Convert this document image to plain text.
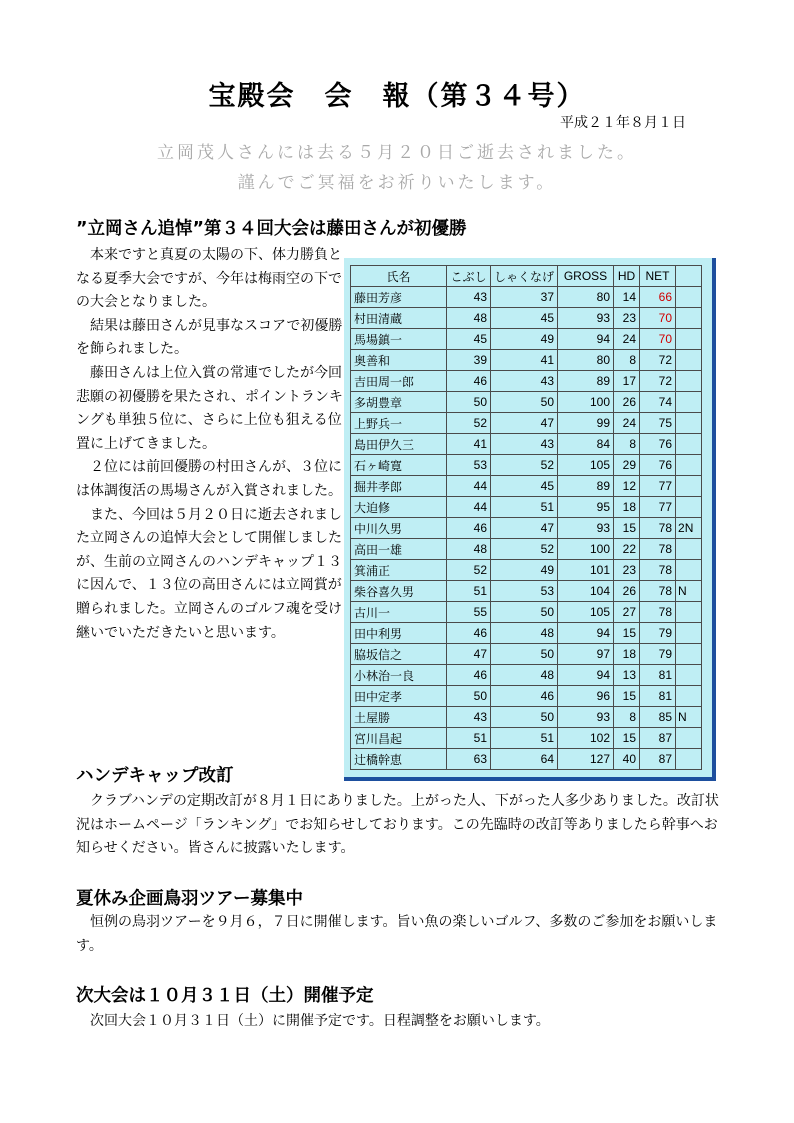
宝殿会　会　報（第３４号）
平成２１年８月１日
立岡茂人さんには去る５月２０日ご逝去されました。
謹んでご冥福をお祈りいたします。
”立岡さん追悼”第３４回大会は藤田さんが初優勝

本来ですと真夏の太陽の下、体力勝負となる夏季大会ですが、今年は梅雨空の下での大会となりました。

結果は藤田さんが見事なスコアで初優勝を飾られました。

藤田さんは上位入賞の常連でしたが今回悲願の初優勝を果たされ、ポイントランキングも単独５位に、さらに上位も狙える位置に上げてきました。

２位には前回優勝の村田さんが、３位には体調復活の馬場さんが入賞されました。

また、今回は５月２０日に逝去されました立岡さんの追悼大会として開催しましたが、生前の立岡さんのハンデキャップ１３に因んで、１３位の高田さんには立岡賞が贈られました。立岡さんのゴルフ魂を受け継いでいただきたいと思います。

氏名	こぶし	しゃくなげ	GROSS	HD	NET	
藤田芳彦	43	37	80	14	66	
村田清蔵	48	45	93	23	70	
馬場鎮一	45	49	94	24	70	
奥善和	39	41	80	8	72	
吉田周一郎	46	43	89	17	72	
多胡豊章	50	50	100	26	74	
上野兵一	52	47	99	24	75	
島田伊久三	41	43	84	8	76	
石ヶ崎寛	53	52	105	29	76	
掘井孝郎	44	45	89	12	77	
大迫修	44	51	95	18	77	
中川久男	46	47	93	15	78	2N
高田一雄	48	52	100	22	78	
箕浦正	52	49	101	23	78	
柴谷喜久男	51	53	104	26	78	N
古川一	55	50	105	27	78	
田中利男	46	48	94	15	79	
脇坂信之	47	50	97	18	79	
小林治一良	46	48	94	13	81	
田中定孝	50	46	96	15	81	
土屋勝	43	50	93	8	85	N
宮川昌起	51	51	102	15	87	
辻橋幹恵	63	64	127	40	87	
ハンデキャップ改訂

クラブハンデの定期改訂が８月１日にありました。上がった人、下がった人多少ありました。改訂状況はホームページ「ランキング」でお知らせしております。この先臨時の改訂等ありましたら幹事へお知らせください。皆さんに披露いたします。

夏休み企画鳥羽ツアー募集中

恒例の鳥羽ツアーを９月６，７日に開催します。旨い魚の楽しいゴルフ、多数のご参加をお願いします。

次大会は１０月３１日（土）開催予定

次回大会１０月３１日（土）に開催予定です。日程調整をお願いします。
